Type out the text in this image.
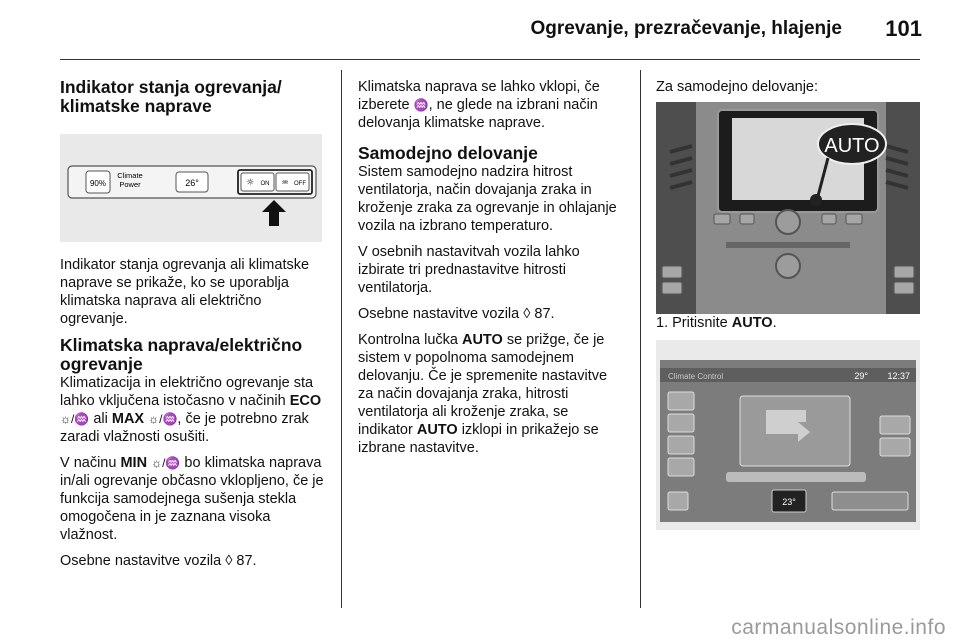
Ogrevanje, prezračevanje, hlajenje 101
Indikator stanja ogrevanja/ klimatske naprave
90%
Climate
Power	26°	☼ ON ♒ OFF

Indikator stanja ogrevanja ali klimatske naprave se prikaže, ko se uporablja klimatska naprava ali električno ogrevanje.

Klimatska naprava/električno ogrevanje

Klimatizacija in električno ogrevanje sta lahko vključena istočasno v načinih ECO ☼/♒ ali MAX ☼/♒, če je potrebno zrak zaradi vlažnosti osušiti.

V načinu MIN ☼/♒ bo klimatska naprava in/ali ogrevanje občasno vklopljeno, če je funkcija samodejnega sušenja stekla omogočena in je zaznana visoka vlažnost.

Osebne nastavitve vozila ◊ 87.

Klimatska naprava se lahko vklopi, če izberete ♒, ne glede na izbrani način delovanja klimatske naprave.

Samodejno delovanje

Sistem samodejno nadzira hitrost ventilatorja, način dovajanja zraka in kroženje zraka za ogrevanje in ohlajanje vozila na izbrano temperaturo.

V osebnih nastavitvah vozila lahko izbirate tri prednastavitve hitrosti ventilatorja.

Osebne nastavitve vozila ◊ 87.

Kontrolna lučka AUTO se prižge, če je sistem v popolnoma samodejnem delovanju. Če je spremenite nastavitve za način dovajanja zraka, hitrosti ventilatorja ali kroženje zraka, se indikator AUTO izklopi in prikažejo se izbrane nastavitve.

Za samodejno delovanje:

AUTO

1. Pritisnite AUTO.

Climate Control	29° 12:37
23°
carmanualsonline.info
